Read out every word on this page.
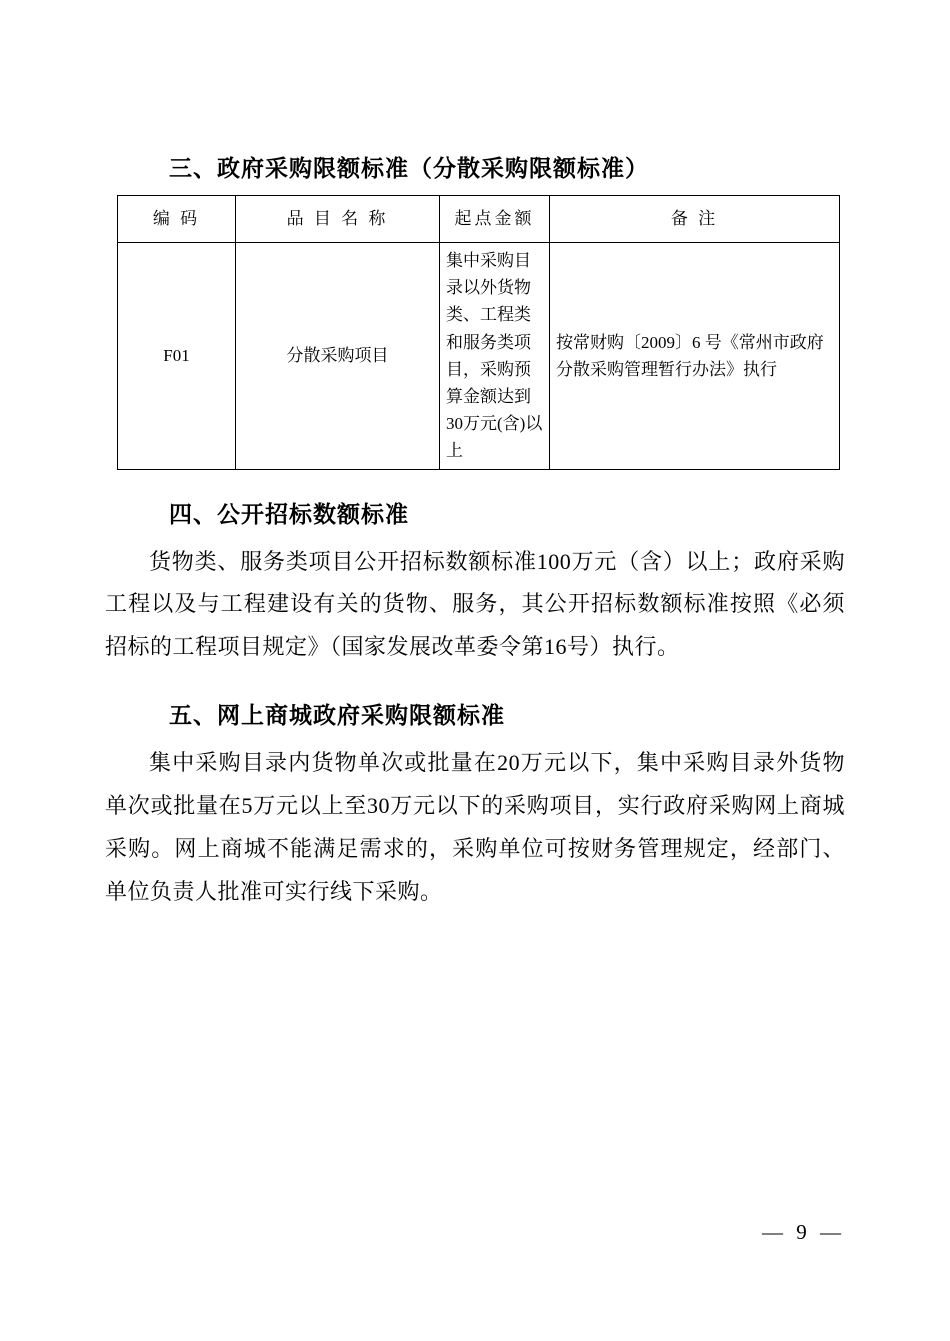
三、政府采购限额标准（分散采购限额标准）
编 码	品 目 名 称	起点金额	备 注
F01	分散采购项目	集中采购目录以外货物类、工程类和服务类项目，采购预算金额达到30万元(含)以上	按常财购〔2009〕6 号《常州市政府分散采购管理暂行办法》执行
四、公开招标数额标准

货物类、服务类项目公开招标数额标准100万元（含）以上；政府采购工程以及与工程建设有关的货物、服务，其公开招标数额标准按照《必须招标的工程项目规定》（国家发展改革委令第16号）执行。

五、网上商城政府采购限额标准

集中采购目录内货物单次或批量在20万元以下，集中采购目录外货物单次或批量在5万元以上至30万元以下的采购项目，实行政府采购网上商城采购。网上商城不能满足需求的，采购单位可按财务管理规定，经部门、单位负责人批准可实行线下采购。

— 9 —
